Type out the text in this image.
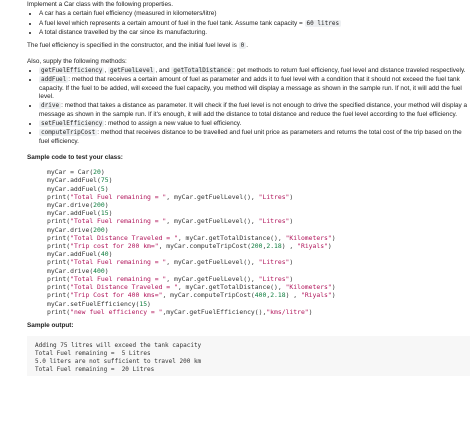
Implement a Car class with the following properties.

• A car has a certain fuel efficiency (measured in kilometers/litre)
• A fuel level which represents a certain amount of fuel in the fuel tank. Assume tank capacity = 60 litres
• A total distance travelled by the car since its manufacturing.

The fuel efficiency is specified in the constructor, and the initial fuel level is 0 .

Also, supply the following methods:

• getFuelEfficiency , getFuelLevel , and getTotalDistance : get methods to return fuel efficiency, fuel level and distance traveled respectively.
• addFuel : method that receives a certain amount of fuel as parameter and adds it to fuel level with a condition that it should not exceed the fuel tank capacity. If the fuel to be added, will exceed the fuel capacity, you method will display a message as shown in the sample run. If not, it will add the fuel level.
• drive : method that takes a distance as parameter. It will check if the fuel level is not enough to drive the specified distance, your method will display a message as shown in the sample run. If it's enough, it will add the distance to total distance and reduce the fuel level according to the fuel efficiency.
• setFuelEfficiency : method to assign a new value to fuel efficiency.
• computeTripCost : method that receives distance to be travelled and fuel unit price as parameters and returns the total cost of the trip based on the fuel efficiency.

Sample code to test your class:

myCar = Car(20)
myCar.addFuel(75)
myCar.addFuel(5)
print("Total Fuel remaining = ", myCar.getFuelLevel(), "Litres")
myCar.drive(200)
myCar.addFuel(15)
print("Total Fuel remaining = ", myCar.getFuelLevel(), "Litres")
myCar.drive(200)
print("Total Distance Traveled = ", myCar.getTotalDistance(), "Kilometers")
print("Trip cost for 200 km=", myCar.computeTripCost(200,2.18) , "Riyals")
myCar.addFuel(40)
print("Total Fuel remaining = ", myCar.getFuelLevel(), "Litres")
myCar.drive(400)
print("Total Fuel remaining = ", myCar.getFuelLevel(), "Litres")
print("Total Distance Traveled = ", myCar.getTotalDistance(), "Kilometers")
print("Trip Cost for 400 kms=", myCar.computeTripCost(400,2.18) , "Riyals")
myCar.setFuelEfficiency(15)
print("new fuel efficiency = ",myCar.getFuelEfficiency(),"kms/litre")

Sample output:

Adding 75 litres will exceed the tank capacity
Total Fuel remaining =  5 Litres
5.0 liters are not sufficient to travel 200 km
Total Fuel remaining =  20 Litres
